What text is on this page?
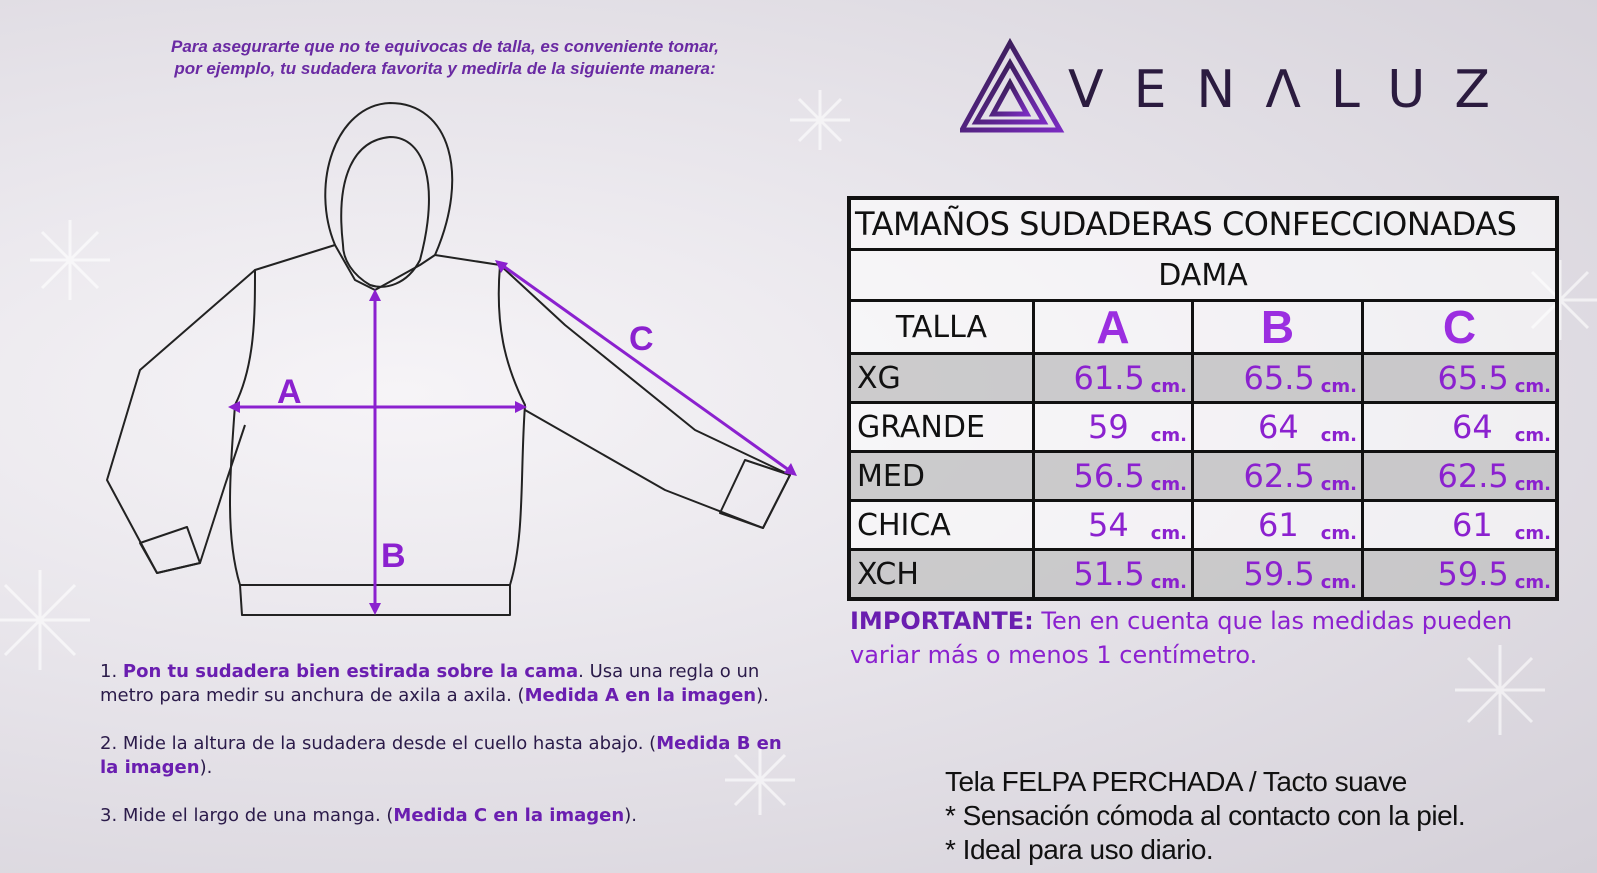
Para asegurarte que no te equivocas de talla, es conveniente tomar,
por ejemplo, tu sudadera favorita y medirla de la siguiente manera:
A
B
C
VENΛLUZ
TAMAÑOS SUDADERAS CONFECCIONADAS
DAMA
TALLA	A	B	C
XG	61.5 cm. 65.5 cm.	65.5 cm.
GRANDE	59 cm. 64 cm.	64 cm.
MED	56.5 cm. 62.5 cm.	62.5 cm.
CHICA	54 cm. 61 cm.	61 cm.
XCH	51.5 cm. 59.5 cm.	59.5 cm.
IMPORTANTE: Ten en cuenta que las medidas pueden variar más o menos 1 centímetro.

1. Pon tu sudadera bien estirada sobre la cama. Usa una regla o un metro para medir su anchura de axila a axila. (Medida A en la imagen).

2. Mide la altura de la sudadera desde el cuello hasta abajo. (Medida B en la imagen).

3. Mide el largo de una manga. (Medida C en la imagen).

Tela FELPA PERCHADA / Tacto suave
* Sensación cómoda al contacto con la piel.
* Ideal para uso diario.
